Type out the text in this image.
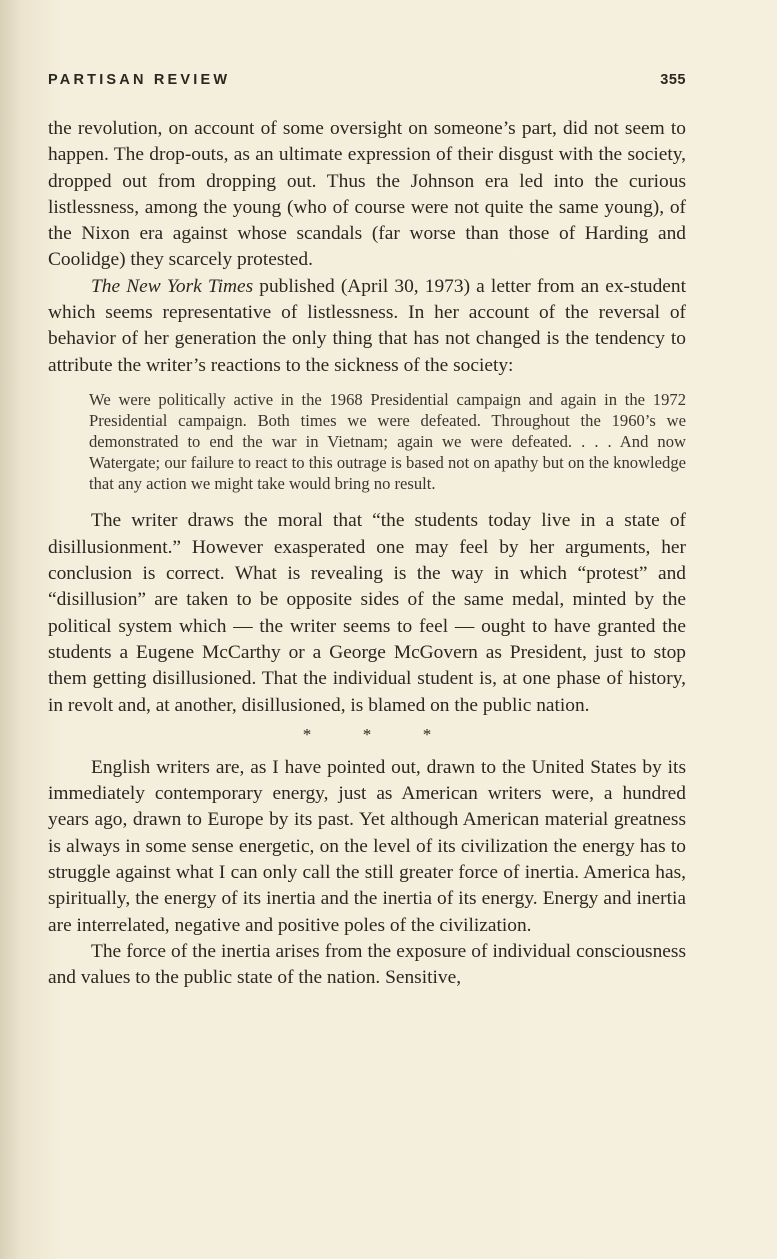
PARTISAN REVIEW	355

the revolution, on account of some oversight on someone’s part, did not seem to happen. The drop-outs, as an ultimate expression of their disgust with the society, dropped out from dropping out. Thus the Johnson era led into the curious listlessness, among the young (who of course were not quite the same young), of the Nixon era against whose scandals (far worse than those of Harding and Coolidge) they scarcely protested.

The New York Times published (April 30, 1973) a letter from an ex-student which seems representative of listlessness. In her account of the reversal of behavior of her generation the only thing that has not changed is the tendency to attribute the writer’s reactions to the sickness of the society:

We were politically active in the 1968 Presidential campaign and again in the 1972 Presidential campaign. Both times we were defeated. Throughout the 1960’s we demonstrated to end the war in Vietnam; again we were defeated. . . . And now Watergate; our failure to react to this outrage is based not on apathy but on the knowledge that any action we might take would bring no result.

The writer draws the moral that “the students today live in a state of disillusionment.” However exasperated one may feel by her arguments, her conclusion is correct. What is revealing is the way in which “protest” and “disillusion” are taken to be opposite sides of the same medal, minted by the political system which — the writer seems to feel — ought to have granted the students a Eugene McCarthy or a George McGovern as President, just to stop them getting disillusioned. That the individual student is, at one phase of history, in revolt and, at another, disillusioned, is blamed on the public nation.

*	*	*

English writers are, as I have pointed out, drawn to the United States by its immediately contemporary energy, just as American writers were, a hundred years ago, drawn to Europe by its past. Yet although American material greatness is always in some sense energetic, on the level of its civilization the energy has to struggle against what I can only call the still greater force of inertia. America has, spiritually, the energy of its inertia and the inertia of its energy. Energy and inertia are interrelated, negative and positive poles of the civilization.

The force of the inertia arises from the exposure of individual consciousness and values to the public state of the nation. Sensitive,
